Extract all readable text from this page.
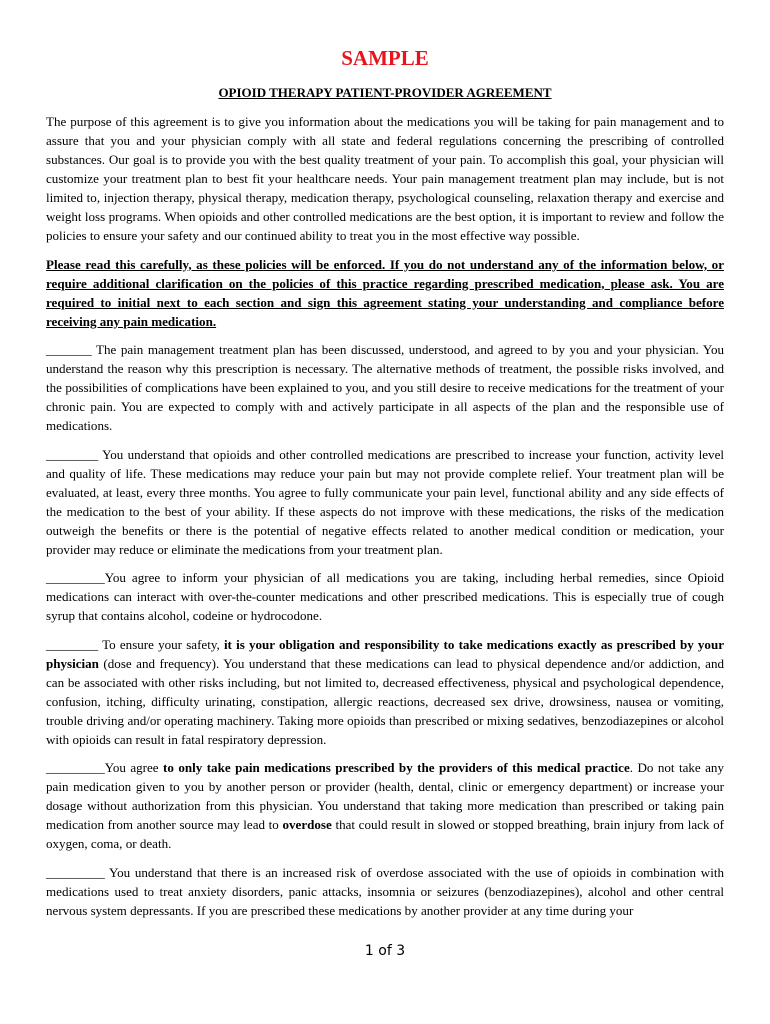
SAMPLE
OPIOID THERAPY PATIENT-PROVIDER AGREEMENT

The purpose of this agreement is to give you information about the medications you will be taking for pain management and to assure that you and your physician comply with all state and federal regulations concerning the prescribing of controlled substances. Our goal is to provide you with the best quality treatment of your pain. To accomplish this goal, your physician will customize your treatment plan to best fit your healthcare needs. Your pain management treatment plan may include, but is not limited to, injection therapy, physical therapy, medication therapy, psychological counseling, relaxation therapy and exercise and weight loss programs. When opioids and other controlled medications are the best option, it is important to review and follow the policies to ensure your safety and our continued ability to treat you in the most effective way possible.

Please read this carefully, as these policies will be enforced. If you do not understand any of the information below, or require additional clarification on the policies of this practice regarding prescribed medication, please ask. You are required to initial next to each section and sign this agreement stating your understanding and compliance before receiving any pain medication.

_______ The pain management treatment plan has been discussed, understood, and agreed to by you and your physician. You understand the reason why this prescription is necessary. The alternative methods of treatment, the possible risks involved, and the possibilities of complications have been explained to you, and you still desire to receive medications for the treatment of your chronic pain. You are expected to comply with and actively participate in all aspects of the plan and the responsible use of medications.

________ You understand that opioids and other controlled medications are prescribed to increase your function, activity level and quality of life. These medications may reduce your pain but may not provide complete relief. Your treatment plan will be evaluated, at least, every three months. You agree to fully communicate your pain level, functional ability and any side effects of the medication to the best of your ability. If these aspects do not improve with these medications, the risks of the medication outweigh the benefits or there is the potential of negative effects related to another medical condition or medication, your provider may reduce or eliminate the medications from your treatment plan.

_________You agree to inform your physician of all medications you are taking, including herbal remedies, since Opioid medications can interact with over-the-counter medications and other prescribed medications. This is especially true of cough syrup that contains alcohol, codeine or hydrocodone.

________ To ensure your safety, it is your obligation and responsibility to take medications exactly as prescribed by your physician (dose and frequency). You understand that these medications can lead to physical dependence and/or addiction, and can be associated with other risks including, but not limited to, decreased effectiveness, physical and psychological dependence, confusion, itching, difficulty urinating, constipation, allergic reactions, decreased sex drive, drowsiness, nausea or vomiting, trouble driving and/or operating machinery. Taking more opioids than prescribed or mixing sedatives, benzodiazepines or alcohol with opioids can result in fatal respiratory depression.

_________You agree to only take pain medications prescribed by the providers of this medical practice. Do not take any pain medication given to you by another person or provider (health, dental, clinic or emergency department) or increase your dosage without authorization from this physician. You understand that taking more medication than prescribed or taking pain medication from another source may lead to overdose that could result in slowed or stopped breathing, brain injury from lack of oxygen, coma, or death.

_________ You understand that there is an increased risk of overdose associated with the use of opioids in combination with medications used to treat anxiety disorders, panic attacks, insomnia or seizures (benzodiazepines), alcohol and other central nervous system depressants. If you are prescribed these medications by another provider at any time during your

1 of 3
